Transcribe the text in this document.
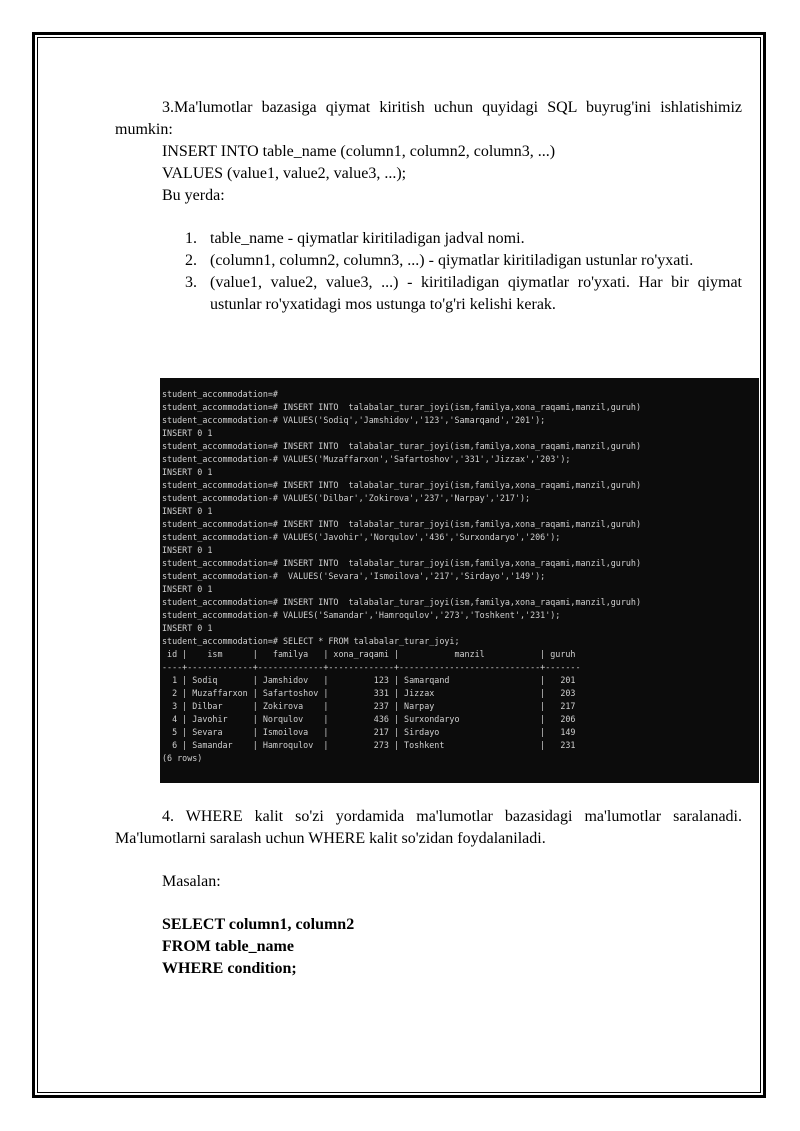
3.Ma'lumotlar bazasiga qiymat kiritish uchun quyidagi SQL buyrug'ini ishlatishimiz mumkin:

INSERT INTO table_name (column1, column2, column3, ...)

VALUES (value1, value2, value3, ...);

Bu yerda:

1. table_name - qiymatlar kiritiladigan jadval nomi.
2. (column1, column2, column3, ...) - qiymatlar kiritiladigan ustunlar ro'yxati.
3. (value1, value2, value3, ...) - kiritiladigan qiymatlar ro'yxati. Har bir qiymat ustunlar ro'yxatidagi mos ustunga to'g'ri kelishi kerak.
student_accommodation=#
student_accommodation=# INSERT INTO  talabalar_turar_joyi(ism,familya,xona_raqami,manzil,guruh)
student_accommodation-# VALUES('Sodiq','Jamshidov','123','Samarqand','201');
INSERT 0 1
student_accommodation=# INSERT INTO  talabalar_turar_joyi(ism,familya,xona_raqami,manzil,guruh)
student_accommodation-# VALUES('Muzaffarxon','Safartoshov','331','Jizzax','203');
INSERT 0 1
student_accommodation=# INSERT INTO  talabalar_turar_joyi(ism,familya,xona_raqami,manzil,guruh)
student_accommodation-# VALUES('Dilbar','Zokirova','237','Narpay','217');
INSERT 0 1
student_accommodation=# INSERT INTO  talabalar_turar_joyi(ism,familya,xona_raqami,manzil,guruh)
student_accommodation-# VALUES('Javohir','Norqulov','436','Surxondaryo','206');
INSERT 0 1
student_accommodation=# INSERT INTO  talabalar_turar_joyi(ism,familya,xona_raqami,manzil,guruh)
student_accommodation-#  VALUES('Sevara','Ismoilova','217','Sirdayo','149');
INSERT 0 1
student_accommodation=# INSERT INTO  talabalar_turar_joyi(ism,familya,xona_raqami,manzil,guruh)
student_accommodation-# VALUES('Samandar','Hamroqulov','273','Toshkent','231');
INSERT 0 1
student_accommodation=# SELECT * FROM talabalar_turar_joyi;
id |    ism      |   familya   | xona_raqami |           manzil           | guruh
----+-------------+-------------+-------------+----------------------------+-------
1 | Sodiq       | Jamshidov   |         123 | Samarqand                  |   201
2 | Muzaffarxon | Safartoshov |         331 | Jizzax                     |   203
3 | Dilbar      | Zokirova    |         237 | Narpay                     |   217
4 | Javohir     | Norqulov    |         436 | Surxondaryo                |   206
5 | Sevara      | Ismoilova   |         217 | Sirdayo                    |   149
6 | Samandar    | Hamroqulov  |         273 | Toshkent                   |   231
(6 rows)

4. WHERE kalit so'zi yordamida ma'lumotlar bazasidagi ma'lumotlar saralanadi. Ma'lumotlarni saralash uchun WHERE kalit so'zidan foydalaniladi.

Masalan:

SELECT column1, column2

FROM table_name

WHERE condition;
